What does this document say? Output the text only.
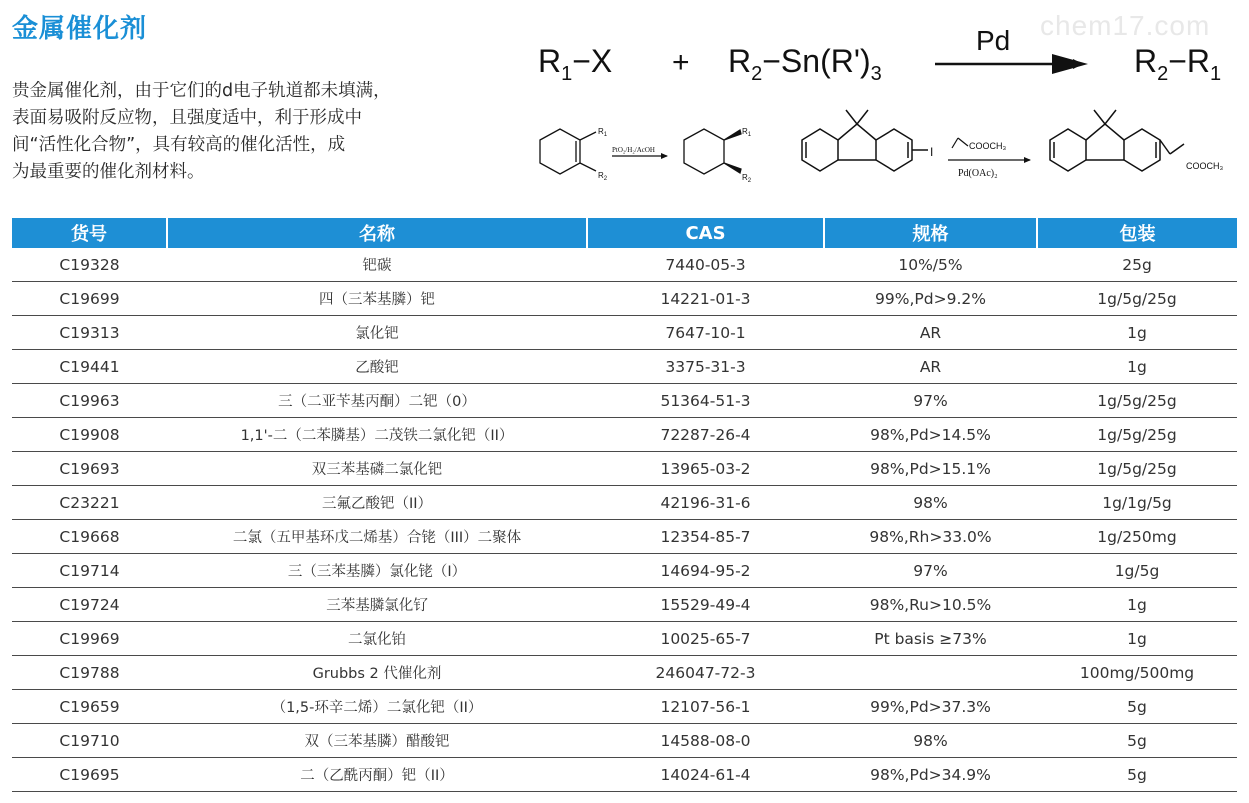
金属催化剂	chem17.com
贵金属催化剂，由于它们的d电子轨道都未填满，
表面易吸附反应物，且强度适中，利于形成中
间“活性化合物”，具有较高的催化活性，成
为最重要的催化剂材料。
$R_1-X + R_2-Sn(R')_3$
Pd
$R_2-R_1$
$R_1$
$R_2$
PtO₂/H₂/AcOH
$R_1$
$R_2$
I	COOCH₃
Pd(OAc)₂
COOCH₃
货号	名称	CAS	规格	包装
C19328	钯碳	7440-05-3	10%/5%	25g
C19699	四（三苯基膦）钯	14221-01-3	99%,Pd>9.2%	1g/5g/25g
C19313	氯化钯	7647-10-1	AR	1g
C19441	乙酸钯	3375-31-3	AR	1g
C19963	三（二亚苄基丙酮）二钯（0）	51364-51-3	97%	1g/5g/25g
C19908	1,1'-二（二苯膦基）二茂铁二氯化钯（II）	72287-26-4	98%,Pd>14.5%	1g/5g/25g
C19693	双三苯基磷二氯化钯	13965-03-2	98%,Pd>15.1%	1g/5g/25g
C23221	三氟乙酸钯（II）	42196-31-6	98%	1g/1g/5g
C19668	二氯（五甲基环戊二烯基）合铑（III）二聚体	12354-85-7	98%,Rh>33.0%	1g/250mg
C19714	三（三苯基膦）氯化铑（I）	14694-95-2	97%	1g/5g
C19724	三苯基膦氯化钌	15529-49-4	98%,Ru>10.5%	1g
C19969	二氯化铂	10025-65-7	Pt basis ≥73%	1g
C19788	Grubbs 2 代催化剂	246047-72-3		100mg/500mg
C19659	（1,5-环辛二烯）二氯化钯（II）	12107-56-1	99%,Pd>37.3%	5g
C19710	双（三苯基膦）醋酸钯	14588-08-0	98%	5g
C19695	二（乙酰丙酮）钯（II）	14024-61-4	98%,Pd>34.9%	5g
